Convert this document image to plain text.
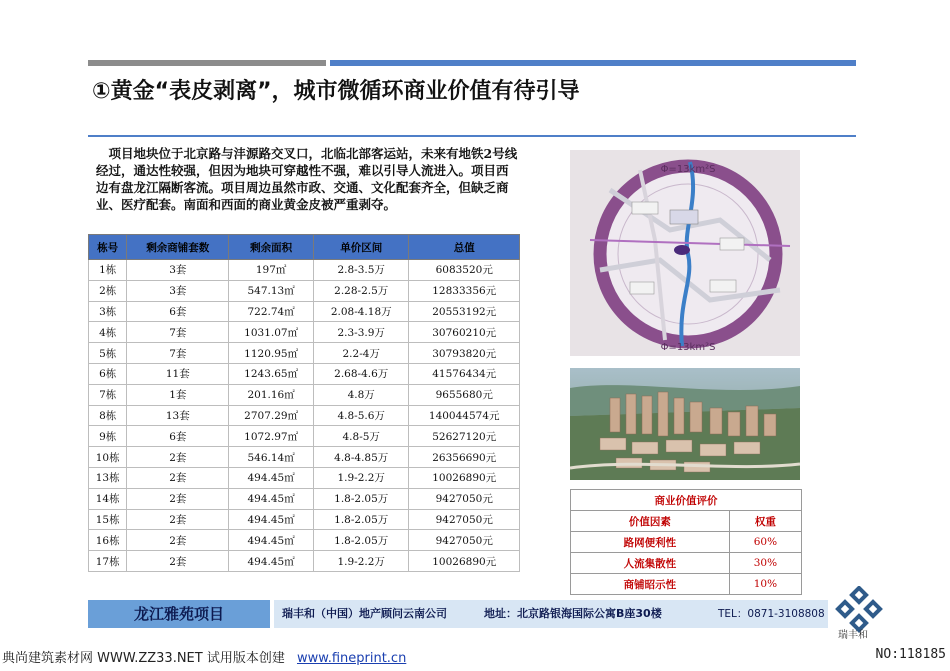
①黄金“表皮剥离”，城市微循环商业价值有待引导
项目地块位于北京路与沣源路交叉口，北临北部客运站，未来有地铁2号线经过，通达性较强，但因为地块可穿越性不强，难以引导人流进入。项目西边有盘龙江隔断客流。项目周边虽然市政、交通、文化配套齐全，但缺乏商业、医疗配套。南面和西面的商业黄金皮被严重剥夺。
栋号	剩余商铺套数	剩余面积	单价区间	总值
1栋	3套	197㎡	2.8-3.5万	6083520元
2栋	3套	547.13㎡	2.28-2.5万	12833356元
3栋	6套	722.74㎡	2.08-4.18万	20553192元
4栋	7套	1031.07㎡	2.3-3.9万	30760210元
5栋	7套	1120.95㎡	2.2-4万	30793820元
6栋	11套	1243.65㎡	2.68-4.6万	41576434元
7栋	1套	201.16㎡	4.8万	9655680元
8栋	13套	2707.29㎡	4.8-5.6万	140044574元
9栋	6套	1072.97㎡	4.8-5万	52627120元
10栋	2套	546.14㎡	4.8-4.85万	26356690元
13栋	2套	494.45㎡	1.9-2.2万	10026890元
14栋	2套	494.45㎡	1.8-2.05万	9427050元
15栋	2套	494.45㎡	1.8-2.05万	9427050元
16栋	2套	494.45㎡	1.8-2.05万	9427050元
17栋	2套	494.45㎡	1.9-2.2万	10026890元
Φ=13km²S
Φ=13km²S
商业价值评价	
价值因素	权重
路网便利性	60%
人流集散性	30%
商铺昭示性	10%
龙江雅苑项目	瑞丰和（中国）地产顾问云南公司	地址：北京路银海国际公寓B座30楼	TEL：0871-3108808
瑞丰和
典尚建筑素材网 WWW.ZZ33.NET 试用版本创建 www.fineprint.cn	NO:118185
